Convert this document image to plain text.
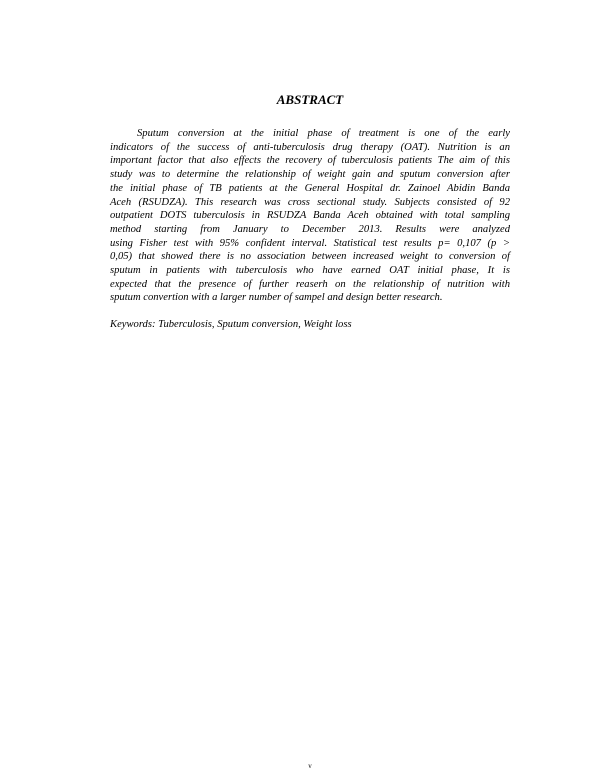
ABSTRACT
Sputum conversion at the initial phase of treatment is one of the early
indicators of the success of anti-tuberculosis drug therapy (OAT). Nutrition is an
important factor that also effects the recovery of tuberculosis patients The aim of this
study was to determine the relationship of weight gain and sputum conversion after
the initial phase of TB patients at the General Hospital dr. Zainoel Abidin Banda
Aceh (RSUDZA). This research was cross sectional study. Subjects consisted of 92
outpatient DOTS tuberculosis in RSUDZA Banda Aceh obtained with total sampling
method starting from January to December 2013. Results were analyzed
using Fisher test with 95% confident interval. Statistical test results p= 0,107 (p >
0,05) that showed there is no association between increased weight to conversion of
sputum in patients with tuberculosis who have earned OAT initial phase, It is
expected that the presence of further reaserh on the relationship of nutrition with
sputum convertion with a larger number of sampel and design better research.

Keywords: Tuberculosis, Sputum conversion, Weight loss

v
